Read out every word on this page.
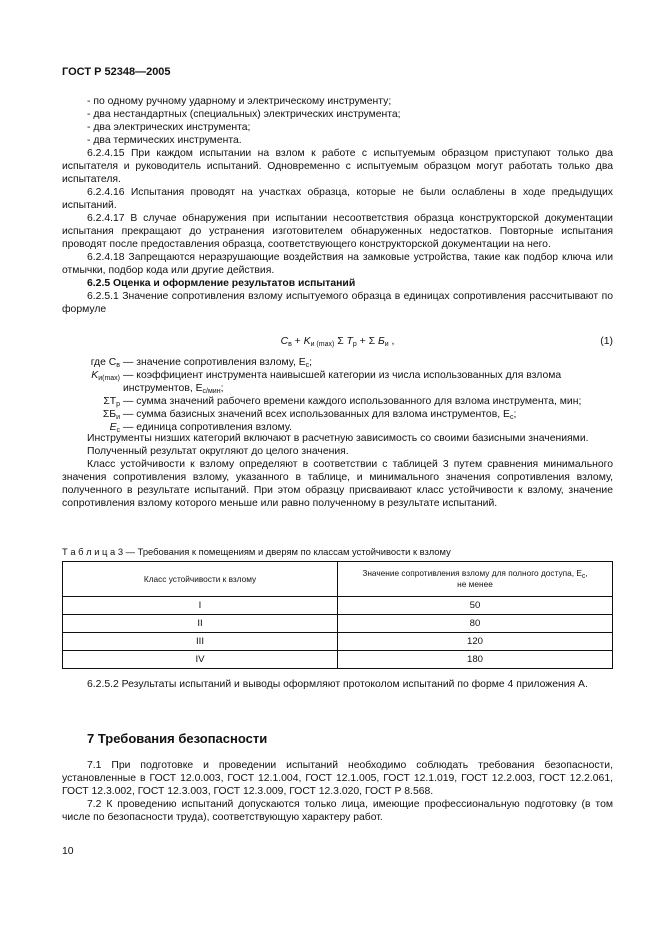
ГОСТ Р 52348—2005

- по одному ручному ударному и электрическому инструменту;

- два нестандартных (специальных) электрических инструмента;

- два электрических инструмента;

- два термических инструмента.

6.2.4.15 При каждом испытании на взлом к работе с испытуемым образцом приступают только два испытателя и руководитель испытаний. Одновременно с испытуемым образцом могут работать только два испытателя.

6.2.4.16 Испытания проводят на участках образца, которые не были ослаблены в ходе предыдущих испытаний.

6.2.4.17 В случае обнаружения при испытании несоответствия образца конструкторской документации испытания прекращают до устранения изготовителем обнаруженных недостатков. Повторные испытания проводят после предоставления образца, соответствующего конструкторской документации на него.

6.2.4.18 Запрещаются неразрушающие воздействия на замковые устройства, такие как подбор ключа или отмычки, подбор кода или другие действия.

6.2.5 Оценка и оформление результатов испытаний

6.2.5.1 Значение сопротивления взлому испытуемого образца в единицах сопротивления рассчитывают по формуле

$C_в + K_{и (max)}$ Σ $T_р + \Sigma$ $Б_и$ ,	(1)
где $C_в$ — значение сопротивления взлому, $E_c$;
$K_{и(max)}$ — коэффициент инструмента наивысшей категории из числа использованных для взлома инструментов, $E_{c/мин}$;
$\Sigma T_р$ — сумма значений рабочего времени каждого использованного для взлома инструмента, мин;
$\Sigma Б_и$ — сумма базисных значений всех использованных для взлома инструментов, $E_c$;
$E_c$ — единица сопротивления взлому.

Инструменты низших категорий включают в расчетную зависимость со своими базисными значениями.

Полученный результат округляют до целого значения.

Класс устойчивости к взлому определяют в соответствии с таблицей 3 путем сравнения минимального значения сопротивления взлому, указанного в таблице, и минимального значения сопротивления взлому, полученного в результате испытаний. При этом образцу присваивают класс устойчивости к взлому, значение сопротивления взлому которого меньше или равно полученному в результате испытаний.

Т а б л и ц а 3 — Требования к помещениям и дверям по классам устойчивости к взлому
Класс устойчивости к взлому	Значение сопротивления взлому для полного доступа, $E_c$,
не менее
I	50
II	80
III	120
IV	180

6.2.5.2 Результаты испытаний и выводы оформляют протоколом испытаний по форме 4 приложения А.

7 Требования безопасности

7.1 При подготовке и проведении испытаний необходимо соблюдать требования безопасности, установленные в ГОСТ 12.0.003, ГОСТ 12.1.004, ГОСТ 12.1.005, ГОСТ 12.1.019, ГОСТ 12.2.003, ГОСТ 12.2.061, ГОСТ 12.3.002, ГОСТ 12.3.003, ГОСТ 12.3.009, ГОСТ 12.3.020, ГОСТ Р 8.568.

7.2 К проведению испытаний допускаются только лица, имеющие профессиональную подготовку (в том числе по безопасности труда), соответствующую характеру работ.

10
